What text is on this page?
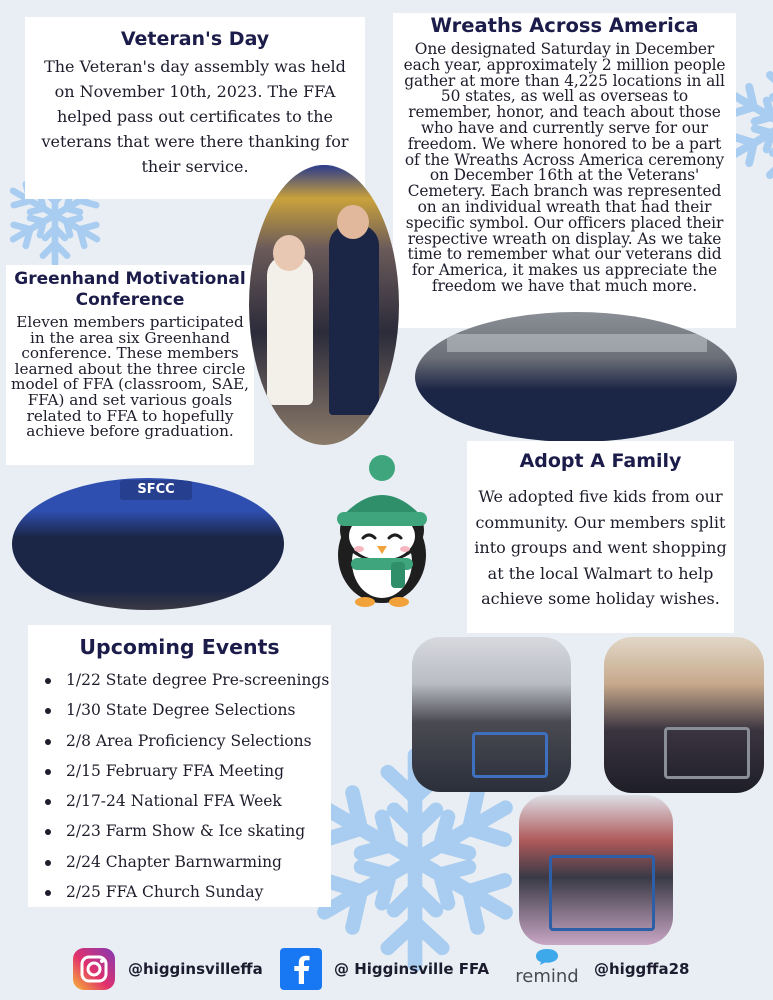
Veteran's Day

The Veteran's day assembly was held on November 10th, 2023. The FFA helped pass out certificates to the veterans that were there thanking for their service.

Wreaths Across America

One designated Saturday in December each year, approximately 2 million people gather at more than 4,225 locations in all 50 states, as well as overseas to remember, honor, and teach about those who have and currently serve for our freedom. We where honored to be a part of the Wreaths Across America ceremony on December 16th at the Veterans' Cemetery. Each branch was represented on an individual wreath that had their specific symbol. Our officers placed their respective wreath on display. As we take time to remember what our veterans did for America, it makes us appreciate the freedom we have that much more.

Greenhand Motivational Conference

Eleven members participated in the area six Greenhand conference. These members learned about the three circle model of FFA (classroom, SAE, FFA) and set various goals related to FFA to hopefully achieve before graduation.

SFCC
Adopt A Family

We adopted five kids from our community. Our members split into groups and went shopping at the local Walmart to help achieve some holiday wishes.

Upcoming Events
1/22 State degree Pre-screenings
1/30 State Degree Selections
2/8 Area Proficiency Selections
2/15 February FFA Meeting
2/17-24 National FFA Week
2/23 Farm Show & Ice skating
2/24 Chapter Barnwarming
2/25 FFA Church Sunday
@higginsvilleffa	@ Higginsville FFA remind @higgffa28
